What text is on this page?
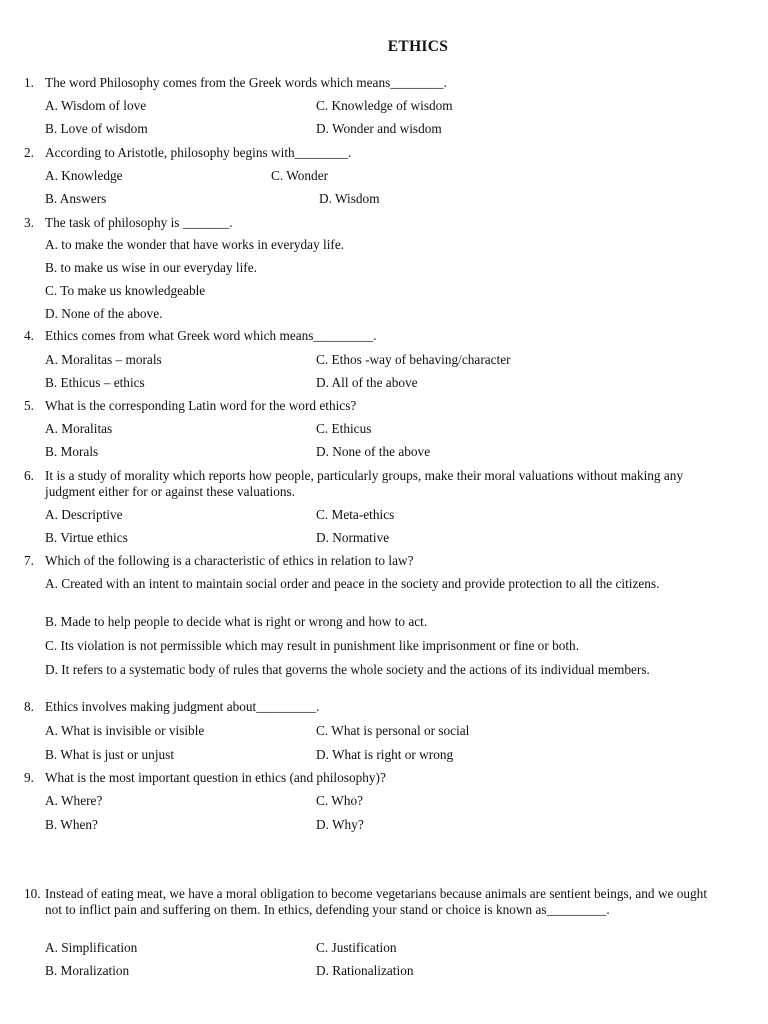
ETHICS
1. The word Philosophy comes from the Greek words which means________.
A. Wisdom of love	C. Knowledge of wisdom
B. Love of wisdom	D. Wonder and wisdom
2. According to Aristotle, philosophy begins with________.
A. Knowledge	C. Wonder
B. Answers	D. Wisdom
3. The task of philosophy is _______.
A. to make the wonder that have works in everyday life.
B. to make us wise in our everyday life.
C. To make us knowledgeable
D. None of the above.
4. Ethics comes from what Greek word which means_________.
A. Moralitas – morals	C. Ethos -way of behaving/character
B. Ethicus – ethics	D. All of the above
5. What is the corresponding Latin word for the word ethics?
A. Moralitas	C. Ethicus
B. Morals	D. None of the above
6. It is a study of morality which reports how people, particularly groups, make their moral valuations without making any judgment either for or against these valuations.
A. Descriptive	C. Meta-ethics
B. Virtue ethics	D. Normative
7. Which of the following is a characteristic of ethics in relation to law?
A. Created with an intent to maintain social order and peace in the society and provide protection to all the citizens.
B. Made to help people to decide what is right or wrong and how to act.
C. Its violation is not permissible which may result in punishment like imprisonment or fine or both.
D. It refers to a systematic body of rules that governs the whole society and the actions of its individual members.
8. Ethics involves making judgment about_________.
A. What is invisible or visible	C. What is personal or social
B. What is just or unjust	D. What is right or wrong
9. What is the most important question in ethics (and philosophy)?
A. Where?	C. Who?
B. When?	D. Why?
10. Instead of eating meat, we have a moral obligation to become vegetarians because animals are sentient beings, and we ought not to inflict pain and suffering on them. In ethics, defending your stand or choice is known as_________.
A. Simplification	C. Justification
B. Moralization	D. Rationalization
